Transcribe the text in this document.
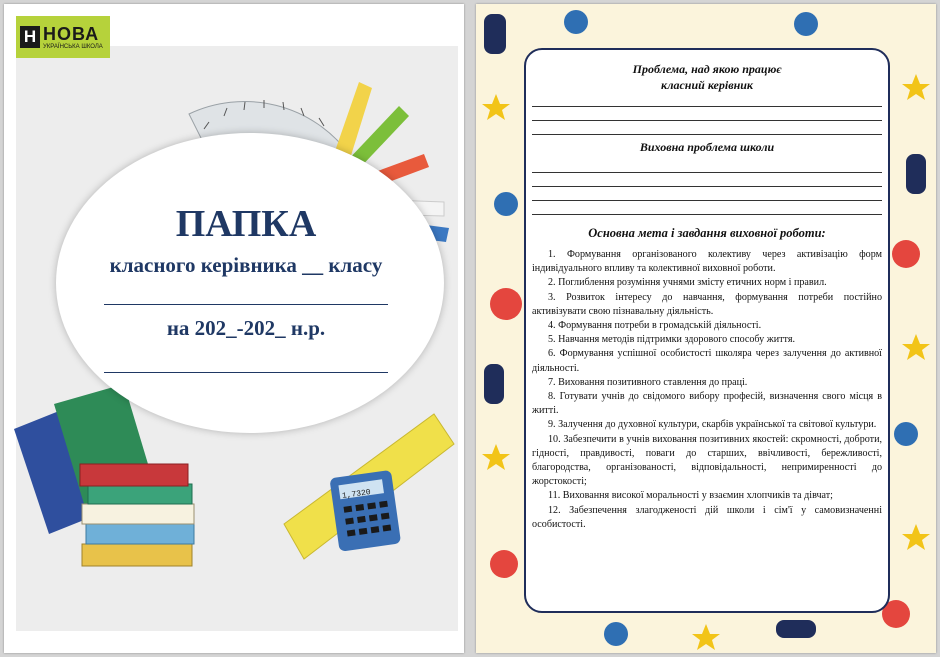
Н НОВА
УКРАЇНСЬКА ШКОЛА
ПАПКА
класного керівника __ класу
на 202_-202_ н.р.
1,7320
Проблема, над якою працює
класний керівник
Виховна проблема школи
Основна мета і завдання виховної роботи:

1. Формування організованого колективу через активізацію форм індивідуального впливу та колективної виховної роботи.

2. Поглиблення розуміння учнями змісту етичних норм і правил.

3. Розвиток інтересу до навчання, формування потреби постійно активізувати свою пізнавальну діяльність.

4. Формування потреби в громадській діяльності.

5. Навчання методів підтримки здорового способу життя.

6. Формування успішної особистості школяра через залучення до активної діяльності.

7. Виховання позитивного ставлення до праці.

8. Готувати учнів до свідомого вибору професій, визначення свого місця в житті.

9. Залучення до духовної культури, скарбів української та світової культури.

10. Забезпечити в учнів виховання позитивних якостей: скромності, доброти, гідності, правдивості, поваги до старших, ввічливості, бережливості, благородства, організованості, відповідальності, непримиренності до жорстокості;

11. Виховання високої моральності у взаємин хлопчиків та дівчат;

12. Забезпечення злагодженості дій школи і сім'ї у самовизначенні особистості.
